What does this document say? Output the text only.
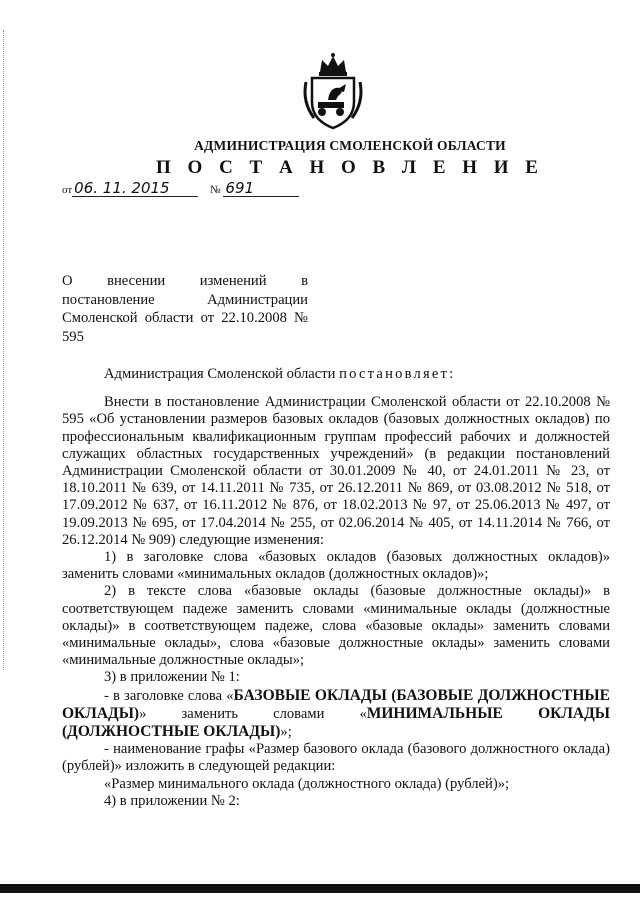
АДМИНИСТРАЦИЯ СМОЛЕНСКОЙ ОБЛАСТИ
П О С Т А Н О В Л Е Н И Е
от 06. 11. 2015	№ 691

О внесении изменений в постановление Администрации Смоленской области от 22.10.2008 № 595

Администрация Смоленской области постановляет:

Внести в постановление Администрации Смоленской области от 22.10.2008 № 595 «Об установлении размеров базовых окладов (базовых должностных окладов) по профессиональным квалификационным группам профессий рабочих и должностей служащих областных государственных учреждений» (в редакции постановлений Администрации Смоленской области от 30.01.2009 № 40, от 24.01.2011 № 23, от 18.10.2011 № 639, от 14.11.2011 № 735, от 26.12.2011 № 869, от 03.08.2012 № 518, от 17.09.2012 № 637, от 16.11.2012 № 876, от 18.02.2013 № 97, от 25.06.2013 № 497, от 19.09.2013 № 695, от 17.04.2014 № 255, от 02.06.2014 № 405, от 14.11.2014 № 766, от 26.12.2014 № 909) следующие изменения:

1) в заголовке слова «базовых окладов (базовых должностных окладов)» заменить словами «минимальных окладов (должностных окладов)»;

2) в тексте слова «базовые оклады (базовые должностные оклады)» в соответствующем падеже заменить словами «минимальные оклады (должностные оклады)» в соответствующем падеже, слова «базовые оклады» заменить словами «минимальные оклады», слова «базовые должностные оклады» заменить словами «минимальные должностные оклады»;

3) в приложении № 1:

- в заголовке слова «БАЗОВЫЕ ОКЛАДЫ (БАЗОВЫЕ ДОЛЖНОСТНЫЕ ОКЛАДЫ)» заменить словами «МИНИМАЛЬНЫЕ ОКЛАДЫ (ДОЛЖНОСТНЫЕ ОКЛАДЫ)»;

- наименование графы «Размер базового оклада (базового должностного оклада) (рублей)» изложить в следующей редакции:

«Размер минимального оклада (должностного оклада) (рублей)»;

4) в приложении № 2:
